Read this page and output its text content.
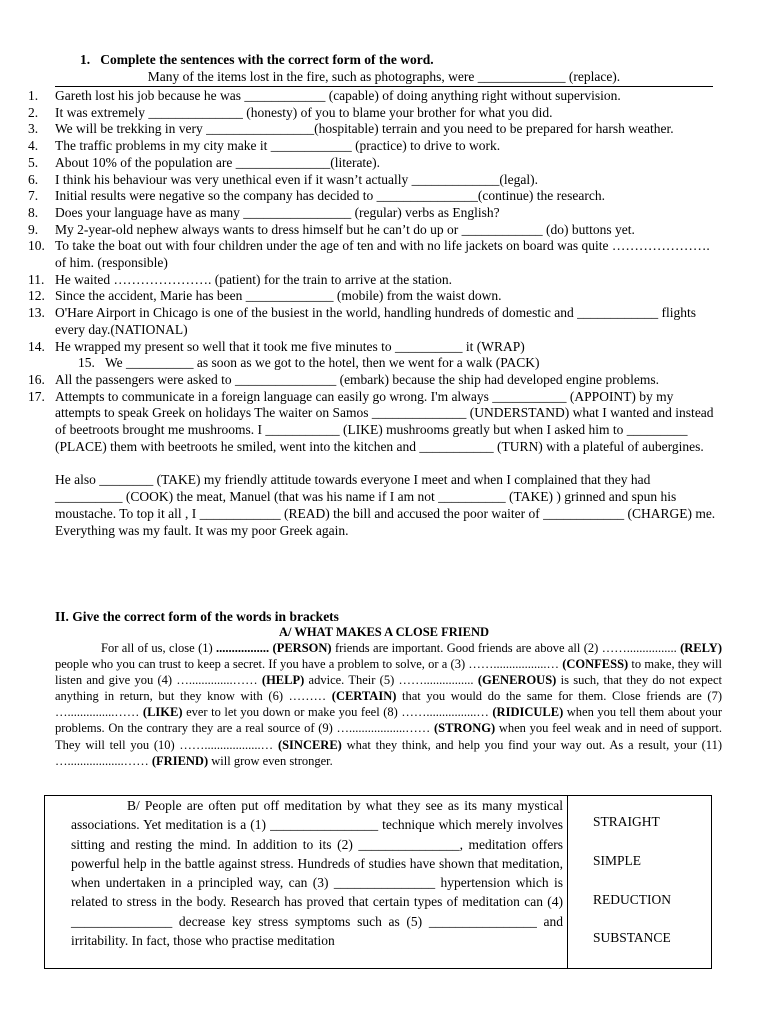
1. Complete the sentences with the correct form of the word.
Many of the items lost in the fire, such as photographs, were _____________ (replace).
1.	Gareth lost his job because he was ____________ (capable) of doing anything right without supervision.
2.	It was extremely ______________ (honesty) of you to blame your brother for what you did.
3.	We will be trekking in very ________________(hospitable) terrain and you need to be prepared for harsh weather.
4.	The traffic problems in my city make it ____________ (practice) to drive to work.
5.	About 10% of the population are ______________(literate).
6.	I think his behaviour was very unethical even if it wasn’t actually _____________(legal).
7.	Initial results were negative so the company has decided to _______________(continue) the research.
8.	Does your language have as many ________________ (regular) verbs as English?
9.	My 2-year-old nephew always wants to dress himself but he can’t do up or ____________ (do) buttons yet.
10. To take the boat out with four children under the age of ten and with no life jackets on board was quite …………………. of him. (responsible)
11. He waited …………………. (patient) for the train to arrive at the station.
12. Since the accident, Marie has been _____________ (mobile) from the waist down.
13. O'Hare Airport in Chicago is one of the busiest in the world, handling hundreds of domestic and ____________ flights every day.(NATIONAL)
14. He wrapped my present so well that it took me five minutes to __________ it (WRAP)
15. We __________ as soon as we got to the hotel, then we went for a walk (PACK)
16. All the passengers were asked to _______________ (embark) because the ship had developed engine problems.
17. Attempts to communicate in a foreign language can easily go wrong. I'm always ___________ (APPOINT) by my attempts to speak Greek on holidays The waiter on Samos ______________ (UNDERSTAND) what I wanted and instead of beetroots brought me mushrooms. I ___________ (LIKE) mushrooms greatly but when I asked him to _________ (PLACE) them with beetroots he smiled, went into the kitchen and ___________ (TURN) with a plateful of aubergines.
He also ________ (TAKE) my friendly attitude towards everyone I meet and when I complained that they had __________ (COOK) the meat, Manuel (that was his name if I am not __________ (TAKE) ) grinned and spun his moustache. To top it all , I ____________ (READ) the bill and accused the poor waiter of ____________ (CHARGE) me. Everything was my fault. It was my poor Greek again.
II. Give the correct form of the words in brackets
A/ WHAT MAKES A CLOSE FRIEND

For all of us, close (1) ................. (PERSON) friends are important. Good friends are above all (2) ……................ (RELY) people who you can trust to keep a secret. If you have a problem to solve, or a (3) …….................… (CONFESS) to make, they will listen and give you (4) …..............…… (HELP) advice. Their (5) ……................ (GENEROUS) is such, that they do not expect anything in return, but they know with (6) ……… (CERTAIN) that you would do the same for them. Close friends are (7) …...............…… (LIKE) ever to let you down or make you feel (8) ……................… (RIDICULE) when you tell them about your problems. On the contrary they are a real source of (9) …..................…… (STRONG) when you feel weak and in need of support. They will tell you (10) ……..................… (SINCERE) what they think, and help you find your way out. As a result, your (11) …..................…… (FRIEND) will grow even stronger.

B/ People are often put off meditation by what they see as its many mystical associations. Yet meditation is a (1) ________________ technique which merely involves sitting and resting the mind. In addition to its (2) _______________, meditation offers powerful help in the battle against stress. Hundreds of studies have shown that meditation, when undertaken in a principled way, can (3) _______________ hypertension which is related to stress in the body. Research has proved that certain types of meditation can (4) _______________ decrease key stress symptoms such as (5) ________________ and irritability. In fact, those who practise meditation

STRAIGHT
SIMPLE
REDUCTION
SUBSTANCE
